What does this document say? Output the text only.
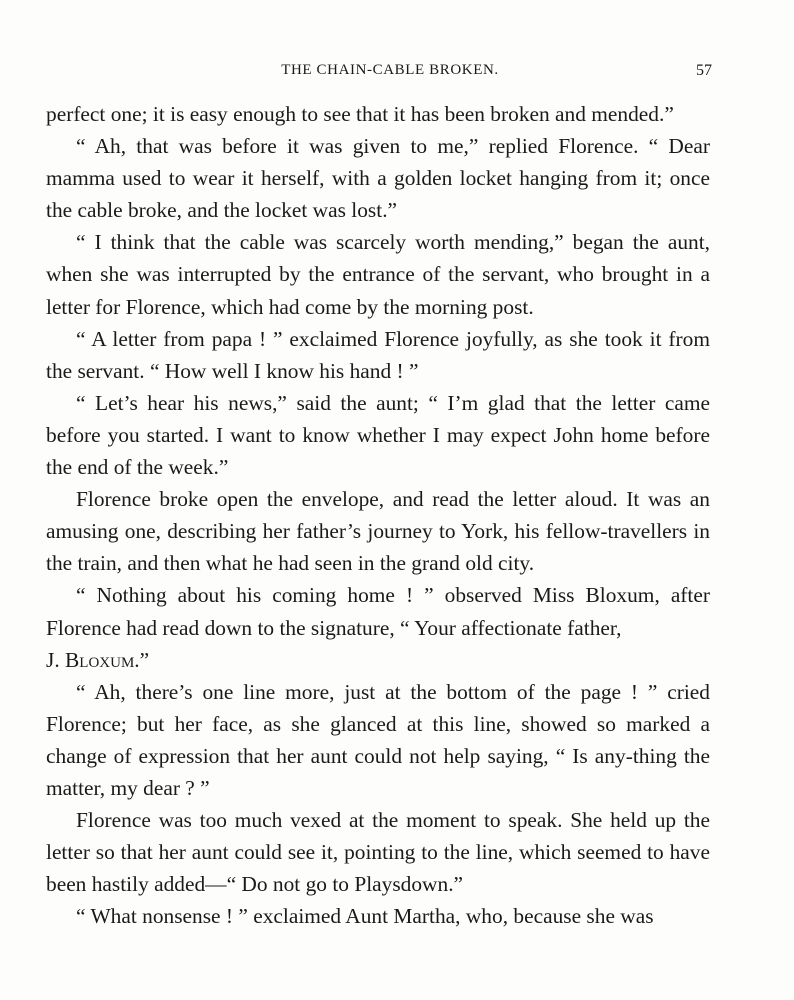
THE CHAIN-CABLE BROKEN.	57

perfect one; it is easy enough to see that it has been broken and mended.”

“ Ah, that was before it was given to me,” replied Florence. “ Dear mamma used to wear it herself, with a golden locket hanging from it; once the cable broke, and the locket was lost.”

“ I think that the cable was scarcely worth mending,” began the aunt, when she was interrupted by the entrance of the servant, who brought in a letter for Florence, which had come by the morning post.

“ A letter from papa ! ” exclaimed Florence joyfully, as she took it from the servant. “ How well I know his hand ! ”

“ Let’s hear his news,” said the aunt; “ I’m glad that the letter came before you started. I want to know whether I may expect John home before the end of the week.”

Florence broke open the envelope, and read the letter aloud. It was an amusing one, describing her father’s journey to York, his fellow-travellers in the train, and then what he had seen in the grand old city.

“ Nothing about his coming home ! ” observed Miss Bloxum, after Florence had read down to the signature, “ Your affectionate father,

J. Bloxum.”

“ Ah, there’s one line more, just at the bottom of the page ! ” cried Florence; but her face, as she glanced at this line, showed so marked a change of expression that her aunt could not help saying, “ Is any-thing the matter, my dear ? ”

Florence was too much vexed at the moment to speak. She held up the letter so that her aunt could see it, pointing to the line, which seemed to have been hastily added—“ Do not go to Playsdown.”

“ What nonsense ! ” exclaimed Aunt Martha, who, because she was
